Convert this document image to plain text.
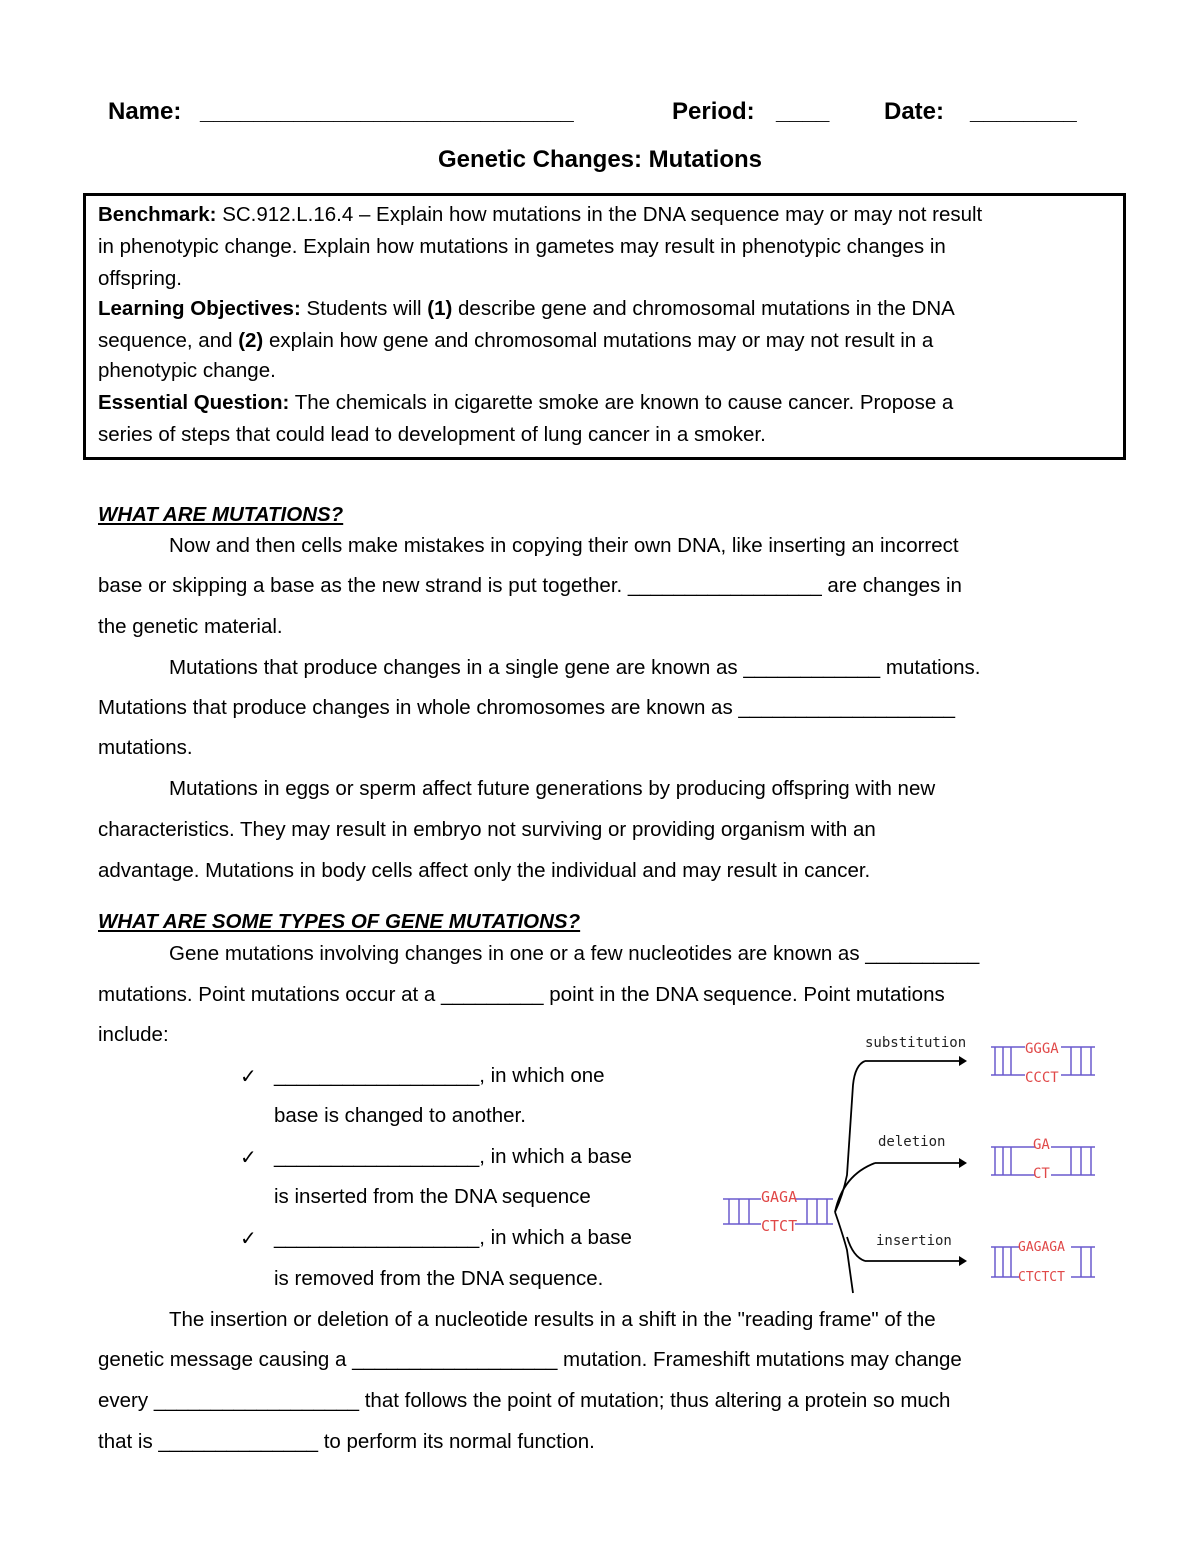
Name: ____________________________	Period: ____ Date: ________
Genetic Changes: Mutations
Benchmark: SC.912.L.16.4 – Explain how mutations in the DNA sequence may or may not result
in phenotypic change. Explain how mutations in gametes may result in phenotypic changes in
offspring.
Learning Objectives: Students will (1) describe gene and chromosomal mutations in the DNA
sequence, and (2) explain how gene and chromosomal mutations may or may not result in a
phenotypic change.
Essential Question: The chemicals in cigarette smoke are known to cause cancer. Propose a
series of steps that could lead to development of lung cancer in a smoker.
WHAT ARE MUTATIONS?
Now and then cells make mistakes in copying their own DNA, like inserting an incorrect
base or skipping a base as the new strand is put together. _________________ are changes in
the genetic material.
Mutations that produce changes in a single gene are known as ____________ mutations.
Mutations that produce changes in whole chromosomes are known as ___________________
mutations.
Mutations in eggs or sperm affect future generations by producing offspring with new
characteristics. They may result in embryo not surviving or providing organism with an
advantage. Mutations in body cells affect only the individual and may result in cancer.
WHAT ARE SOME TYPES OF GENE MUTATIONS?
Gene mutations involving changes in one or a few nucleotides are known as __________
mutations. Point mutations occur at a _________ point in the DNA sequence. Point mutations
include:
✓ __________________, in which one
base is changed to another.
✓ __________________, in which a base
is inserted from the DNA sequence
✓ __________________, in which a base
is removed from the DNA sequence.
The insertion or deletion of a nucleotide results in a shift in the "reading frame" of the
genetic message causing a __________________ mutation. Frameshift mutations may change
every __________________ that follows the point of mutation; thus altering a protein so much
that is ______________ to perform its normal function.
GAGA
CTCT
substitution
deletion
insertion
GGGA
CCCT
GA
CT
GAGAGA
CTCTCT
